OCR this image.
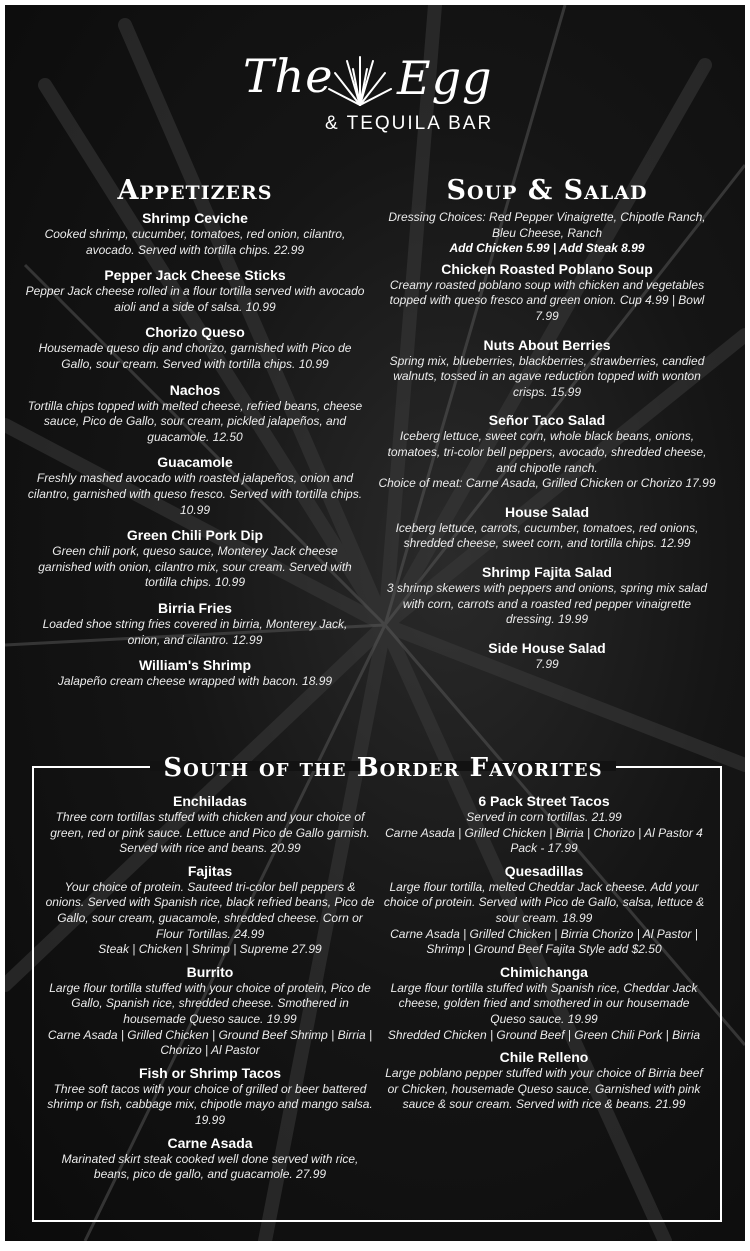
The Egg
& TEQUILA BAR
Appetizers
Shrimp Ceviche
Cooked shrimp, cucumber, tomatoes, red onion, cilantro, avocado. Served with tortilla chips. 22.99
Pepper Jack Cheese Sticks
Pepper Jack cheese rolled in a flour tortilla served with avocado aioli and a side of salsa. 10.99
Chorizo Queso
Housemade queso dip and chorizo, garnished with Pico de Gallo, sour cream. Served with tortilla chips. 10.99
Nachos
Tortilla chips topped with melted cheese, refried beans, cheese sauce, Pico de Gallo, sour cream, pickled jalapeños, and guacamole. 12.50
Guacamole
Freshly mashed avocado with roasted jalapeños, onion and cilantro, garnished with queso fresco. Served with tortilla chips. 10.99
Green Chili Pork Dip
Green chili pork, queso sauce, Monterey Jack cheese garnished with onion, cilantro mix, sour cream. Served with tortilla chips. 10.99
Birria Fries
Loaded shoe string fries covered in birria, Monterey Jack, onion, and cilantro. 12.99
William's Shrimp
Jalapeño cream cheese wrapped with bacon. 18.99
Soup & Salad
Dressing Choices: Red Pepper Vinaigrette, Chipotle Ranch, Bleu Cheese, Ranch
Add Chicken 5.99 | Add Steak 8.99
Chicken Roasted Poblano Soup
Creamy roasted poblano soup with chicken and vegetables topped with queso fresco and green onion. Cup 4.99 | Bowl 7.99
Nuts About Berries
Spring mix, blueberries, blackberries, strawberries, candied walnuts, tossed in an agave reduction topped with wonton crisps. 15.99
Señor Taco Salad
Iceberg lettuce, sweet corn, whole black beans, onions, tomatoes, tri-color bell peppers, avocado, shredded cheese, and chipotle ranch.
Choice of meat: Carne Asada, Grilled Chicken or Chorizo 17.99
House Salad
Iceberg lettuce, carrots, cucumber, tomatoes, red onions, shredded cheese, sweet corn, and tortilla chips. 12.99
Shrimp Fajita Salad
3 shrimp skewers with peppers and onions, spring mix salad with corn, carrots and a roasted red pepper vinaigrette dressing. 19.99
Side House Salad
7.99
South of the Border Favorites
Enchiladas
Three corn tortillas stuffed with chicken and your choice of green, red or pink sauce. Lettuce and Pico de Gallo garnish. Served with rice and beans. 20.99
Fajitas
Your choice of protein. Sauteed tri-color bell peppers & onions. Served with Spanish rice, black refried beans, Pico de Gallo, sour cream, guacamole, shredded cheese. Corn or Flour Tortillas. 24.99
Steak | Chicken | Shrimp | Supreme 27.99
Burrito
Large flour tortilla stuffed with your choice of protein, Pico de Gallo, Spanish rice, shredded cheese. Smothered in housemade Queso sauce. 19.99
Carne Asada | Grilled Chicken | Ground Beef Shrimp | Birria | Chorizo | Al Pastor
Fish or Shrimp Tacos
Three soft tacos with your choice of grilled or beer battered shrimp or fish, cabbage mix, chipotle mayo and mango salsa. 19.99
Carne Asada
Marinated skirt steak cooked well done served with rice, beans, pico de gallo, and guacamole. 27.99
6 Pack Street Tacos
Served in corn tortillas. 21.99
Carne Asada | Grilled Chicken | Birria | Chorizo | Al Pastor 4 Pack - 17.99
Quesadillas
Large flour tortilla, melted Cheddar Jack cheese. Add your choice of protein. Served with Pico de Gallo, salsa, lettuce & sour cream. 18.99
Carne Asada | Grilled Chicken | Birria Chorizo | Al Pastor | Shrimp | Ground Beef Fajita Style add $2.50
Chimichanga
Large flour tortilla stuffed with Spanish rice, Cheddar Jack cheese, golden fried and smothered in our housemade Queso sauce. 19.99
Shredded Chicken | Ground Beef | Green Chili Pork | Birria
Chile Relleno
Large poblano pepper stuffed with your choice of Birria beef or Chicken, housemade Queso sauce. Garnished with pink sauce & sour cream. Served with rice & beans. 21.99
